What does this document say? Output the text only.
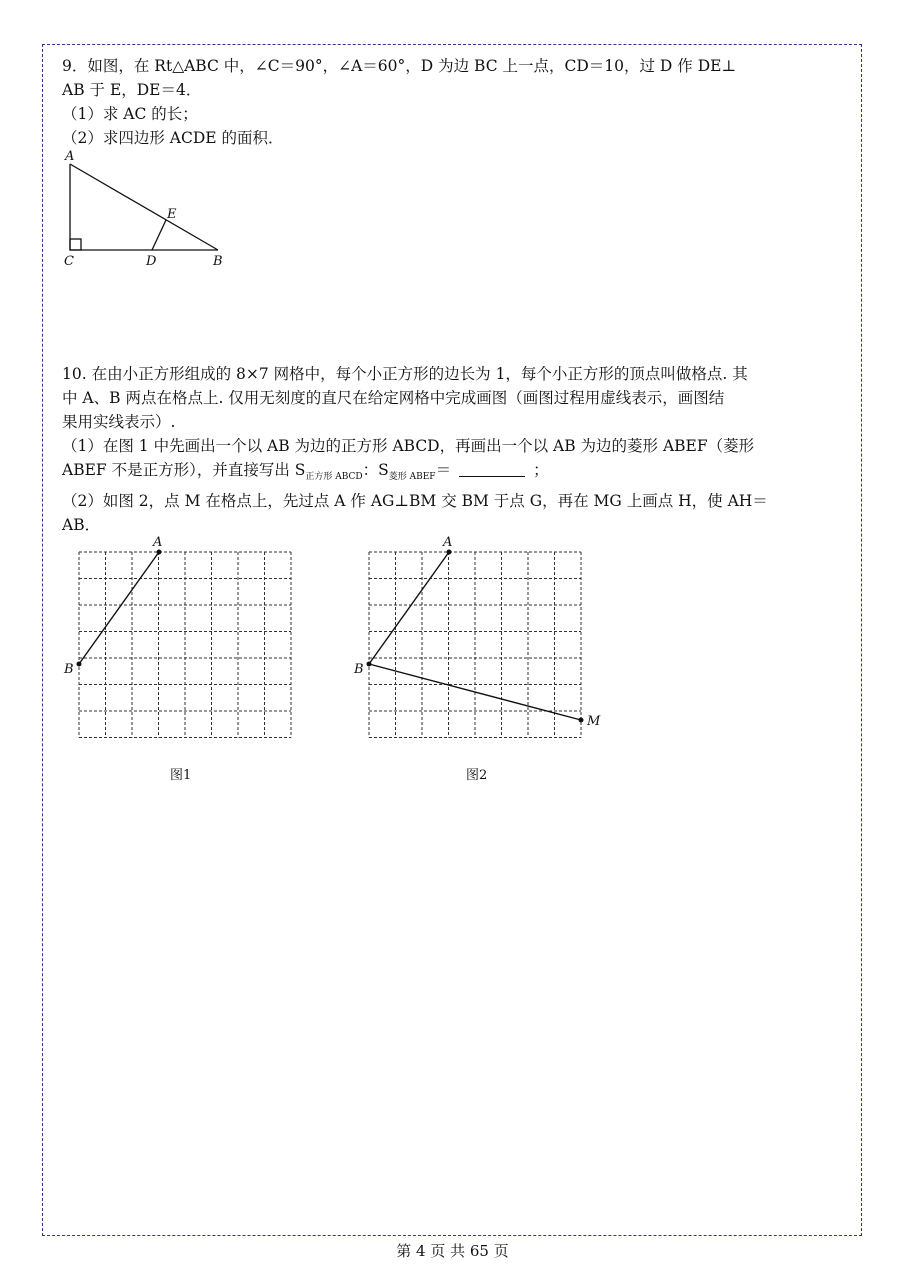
9．如图，在 Rt△ABC 中，∠C＝90°，∠A＝60°，D 为边 BC 上一点，CD＝10，过 D 作 DE⊥

AB 于 E，DE＝4．

（1）求 AC 的长；

（2）求四边形 ACDE 的面积．

A
E
C	D	B

10. 在由小正方形组成的 8×7 网格中，每个小正方形的边长为 1，每个小正方形的顶点叫做格点. 其

中 A、B 两点在格点上. 仅用无刻度的直尺在给定网格中完成画图（画图过程用虚线表示，画图结

果用实线表示）.

（1）在图 1 中先画出一个以 AB 为边的正方形 ABCD，再画出一个以 AB 为边的菱形 ABEF（菱形

ABEF 不是正方形），并直接写出 $S_{正方形 ABCD}$：$S_{菱形 ABEF}=$	；

（2）如图 2，点 M 在格点上，先过点 A 作 AG⊥BM 交 BM 于点 G，再在 MG 上画点 H，使 AH＝

AB．

A
B
图1
A
B
M
图2
第 4 页 共 65 页
